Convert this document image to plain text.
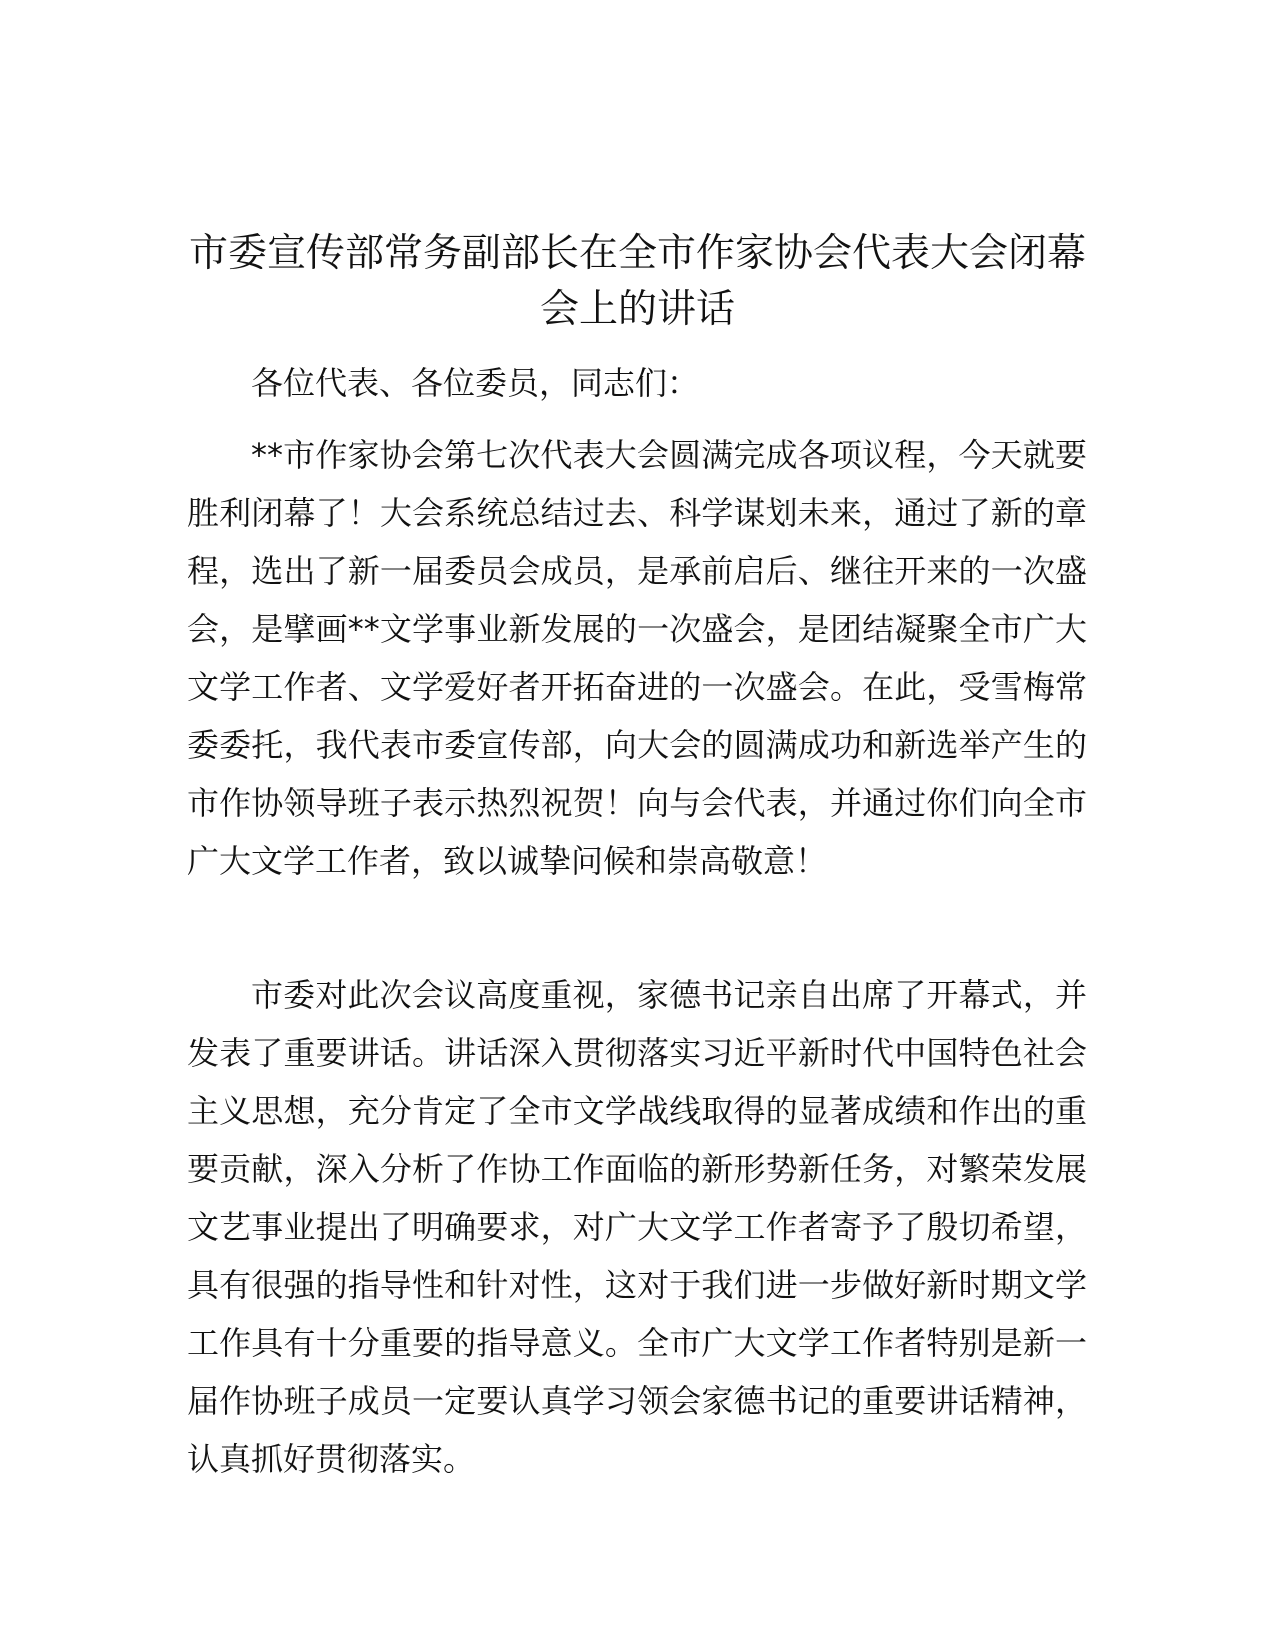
市委宣传部常务副部长在全市作家协会代表大会闭幕会上的讲话

各位代表、各位委员，同志们：

**市作家协会第七次代表大会圆满完成各项议程，今天就要胜利闭幕了！大会系统总结过去、科学谋划未来，通过了新的章程，选出了新一届委员会成员，是承前启后、继往开来的一次盛会，是擘画**文学事业新发展的一次盛会，是团结凝聚全市广大文学工作者、文学爱好者开拓奋进的一次盛会。在此，受雪梅常委委托，我代表市委宣传部，向大会的圆满成功和新选举产生的市作协领导班子表示热烈祝贺！向与会代表，并通过你们向全市广大文学工作者，致以诚挚问候和崇高敬意！

市委对此次会议高度重视，家德书记亲自出席了开幕式，并发表了重要讲话。讲话深入贯彻落实习近平新时代中国特色社会主义思想，充分肯定了全市文学战线取得的显著成绩和作出的重要贡献，深入分析了作协工作面临的新形势新任务，对繁荣发展文艺事业提出了明确要求，对广大文学工作者寄予了殷切希望，具有很强的指导性和针对性，这对于我们进一步做好新时期文学工作具有十分重要的指导意义。全市广大文学工作者特别是新一届作协班子成员一定要认真学习领会家德书记的重要讲话精神，认真抓好贯彻落实。
